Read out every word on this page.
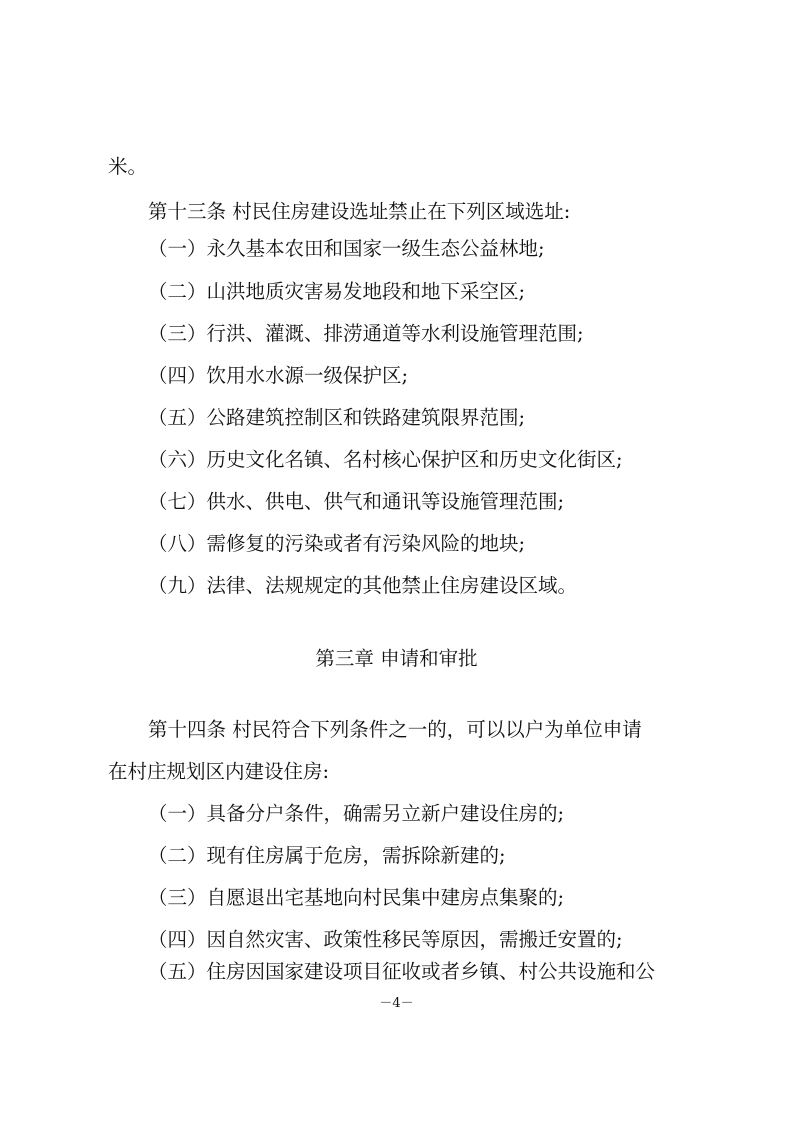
米。
第十三条 村民住房建设选址禁止在下列区域选址:
（一）永久基本农田和国家一级生态公益林地;
（二）山洪地质灾害易发地段和地下采空区;
（三）行洪、灌溉、排涝通道等水利设施管理范围;
（四）饮用水水源一级保护区;
（五）公路建筑控制区和铁路建筑限界范围;
（六）历史文化名镇、名村核心保护区和历史文化街区;
（七）供水、供电、供气和通讯等设施管理范围;
（八）需修复的污染或者有污染风险的地块;
（九）法律、法规规定的其他禁止住房建设区域。
第三章 申请和审批
第十四条 村民符合下列条件之一的，可以以户为单位申请
在村庄规划区内建设住房:
（一）具备分户条件，确需另立新户建设住房的;
（二）现有住房属于危房，需拆除新建的;
（三）自愿退出宅基地向村民集中建房点集聚的;
（四）因自然灾害、政策性移民等原因，需搬迁安置的;
（五）住房因国家建设项目征收或者乡镇、村公共设施和公
－4－
